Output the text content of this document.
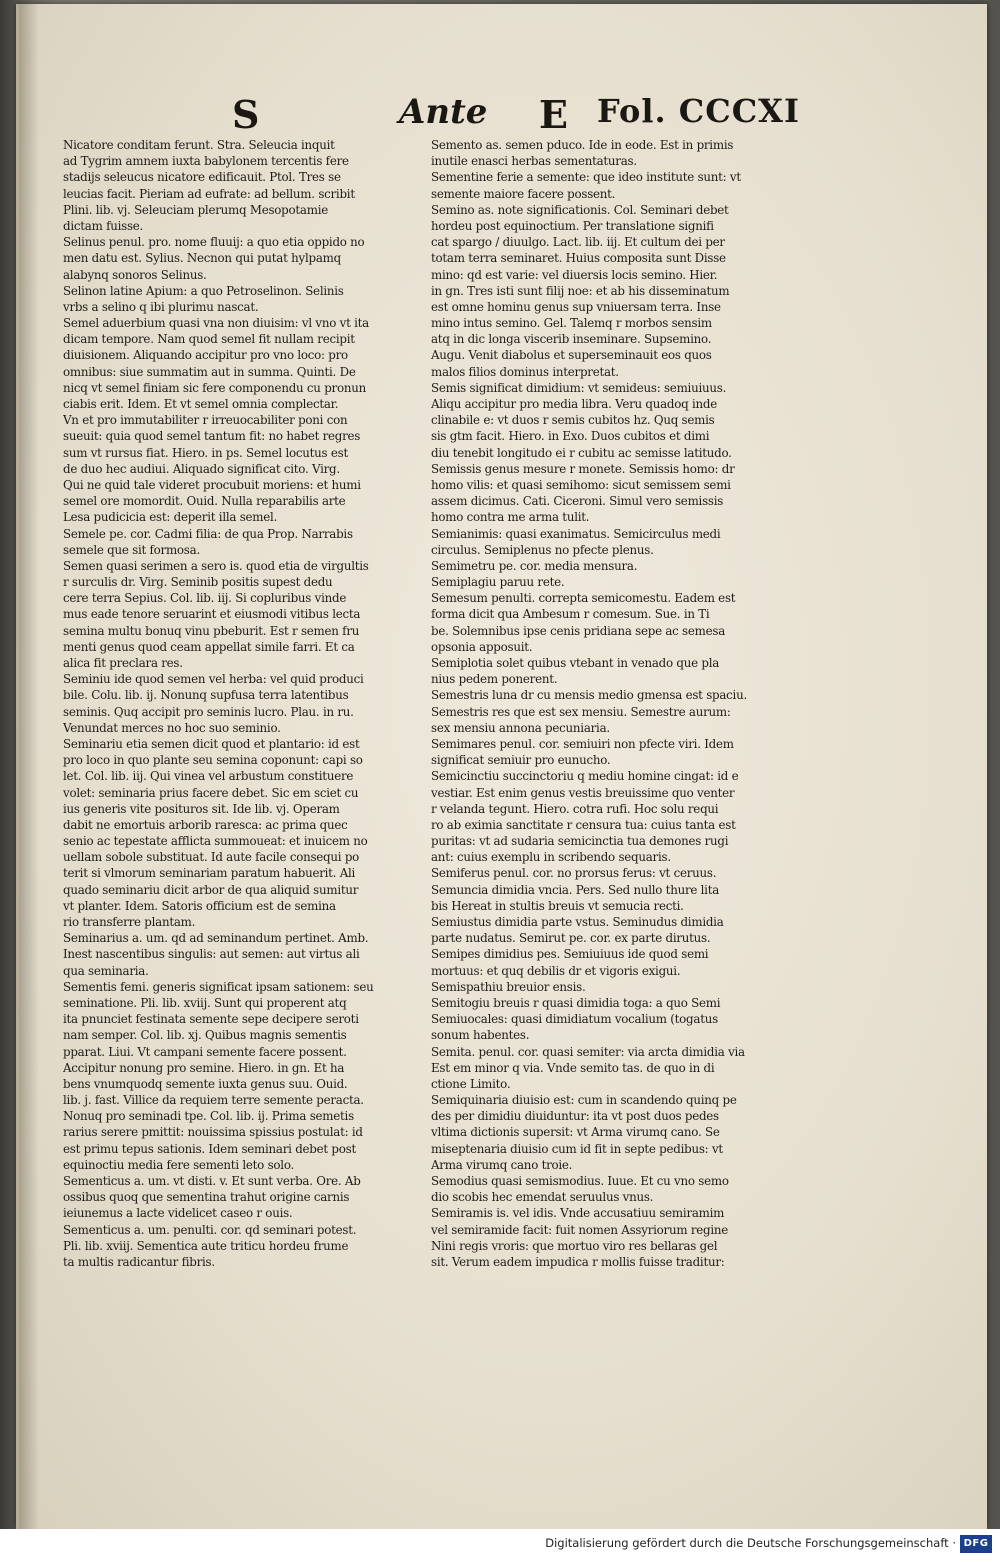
S	Ante E Fol. CCCXI
Nicatore conditam ferunt. Stra. Seleucia inquit
ad Tygrim amnem iuxta babylonem tercentis fere
stadijs seleucus nicatore edificauit. Ptol. Tres se
leucias facit. Pieriam ad eufrate: ad bellum. scribit
Plini. lib. vj. Seleuciam plerumq Mesopotamie
dictam fuisse.
Selinus penul. pro. nome fluuij: a quo etia oppido no
men datu est. Sylius. Necnon qui putat hylpamq
alabynq sonoros Selinus.
Selinon latine Apium: a quo Petroselinon. Selinis
vrbs a selino q ibi plurimu nascat.
Semel aduerbium quasi vna non diuisim: vl vno vt ita
dicam tempore. Nam quod semel fit nullam recipit
diuisionem. Aliquando accipitur pro vno loco: pro
omnibus: siue summatim aut in summa. Quinti. De
nicq vt semel finiam sic fere componendu cu pronun
ciabis erit. Idem. Et vt semel omnia complectar.
Vn et pro immutabiliter r irreuocabiliter poni con
sueuit: quia quod semel tantum fit: no habet regres
sum vt rursus fiat. Hiero. in ps. Semel locutus est
de duo hec audiui. Aliquado significat cito. Virg.
Qui ne quid tale videret procubuit moriens: et humi
semel ore momordit. Ouid. Nulla reparabilis arte
Lesa pudicicia est: deperit illa semel.
Semele pe. cor. Cadmi filia: de qua Prop. Narrabis
semele que sit formosa.
Semen quasi serimen a sero is. quod etia de virgultis
r surculis dr. Virg. Seminib positis supest dedu
cere terra Sepius. Col. lib. iij. Si copluribus vinde
mus eade tenore seruarint et eiusmodi vitibus lecta
semina multu bonuq vinu pbeburit. Est r semen fru
menti genus quod ceam appellat simile farri. Et ca
alica fit preclara res.
Seminiu ide quod semen vel herba: vel quid produci
bile. Colu. lib. ij. Nonunq supfusa terra latentibus
seminis. Quq accipit pro seminis lucro. Plau. in ru.
Venundat merces no hoc suo seminio.
Seminariu etia semen dicit quod et plantario: id est
pro loco in quo plante seu semina coponunt: capi so
let. Col. lib. iij. Qui vinea vel arbustum constituere
volet: seminaria prius facere debet. Sic em sciet cu
ius generis vite posituros sit. Ide lib. vj. Operam
dabit ne emortuis arborib raresca: ac prima quec
senio ac tepestate afflicta summoueat: et inuicem no
uellam sobole substituat. Id aute facile consequi po
terit si vlmorum seminariam paratum habuerit. Ali
quado seminariu dicit arbor de qua aliquid sumitur
vt planter. Idem. Satoris officium est de semina
rio transferre plantam.
Seminarius a. um. qd ad seminandum pertinet. Amb.
Inest nascentibus singulis: aut semen: aut virtus ali
qua seminaria.
Sementis femi. generis significat ipsam sationem: seu
seminatione. Pli. lib. xviij. Sunt qui properent atq
ita pnunciet festinata semente sepe decipere seroti
nam semper. Col. lib. xj. Quibus magnis sementis
pparat. Liui. Vt campani semente facere possent.
Accipitur nonung pro semine. Hiero. in gn. Et ha
bens vnumquodq semente iuxta genus suu. Ouid.
lib. j. fast. Villice da requiem terre semente peracta.
Nonuq pro seminadi tpe. Col. lib. ij. Prima semetis
rarius serere pmittit: nouissima spissius postulat: id
est primu tepus sationis. Idem seminari debet post
equinoctiu media fere sementi leto solo.
Sementicus a. um. vt disti. v. Et sunt verba. Ore. Ab
ossibus quoq que sementina trahut origine carnis
ieiunemus a lacte videlicet caseo r ouis.
Sementicus a. um. penulti. cor. qd seminari potest.
Pli. lib. xviij. Sementica aute triticu hordeu frume
ta multis radicantur fibris.
Semento as. semen pduco. Ide in eode. Est in primis
inutile enasci herbas sementaturas.
Sementine ferie a semente: que ideo institute sunt: vt
semente maiore facere possent.
Semino as. note significationis. Col. Seminari debet
hordeu post equinoctium. Per translatione signifi
cat spargo / diuulgo. Lact. lib. iij. Et cultum dei per
totam terra seminaret. Huius composita sunt Disse
mino: qd est varie: vel diuersis locis semino. Hier.
in gn. Tres isti sunt filij noe: et ab his disseminatum
est omne hominu genus sup vniuersam terra. Inse
mino intus semino. Gel. Talemq r morbos sensim
atq in dic longa viscerib inseminare. Supsemino.
Augu. Venit diabolus et superseminauit eos quos
malos filios dominus interpretat.
Semis significat dimidium: vt semideus: semiuiuus.
Aliqu accipitur pro media libra. Veru quadoq inde
clinabile e: vt duos r semis cubitos hz. Quq semis
sis gtm facit. Hiero. in Exo. Duos cubitos et dimi
diu tenebit longitudo ei r cubitu ac semisse latitudo.
Semissis genus mesure r monete. Semissis homo: dr
homo vilis: et quasi semihomo: sicut semissem semi
assem dicimus. Cati. Ciceroni. Simul vero semissis
homo contra me arma tulit.
Semianimis: quasi exanimatus. Semicirculus medi
circulus. Semiplenus no pfecte plenus.
Semimetru pe. cor. media mensura.
Semiplagiu paruu rete.
Semesum penulti. correpta semicomestu. Eadem est
forma dicit qua Ambesum r comesum. Sue. in Ti
be. Solemnibus ipse cenis pridiana sepe ac semesa
opsonia apposuit.
Semiplotia solet quibus vtebant in venado que pla
nius pedem ponerent.
Semestris luna dr cu mensis medio gmensa est spaciu.
Semestris res que est sex mensiu. Semestre aurum:
sex mensiu annona pecuniaria.
Semimares penul. cor. semiuiri non pfecte viri. Idem
significat semiuir pro eunucho.
Semicinctiu succinctoriu q mediu homine cingat: id e
vestiar. Est enim genus vestis breuissime quo venter
r velanda tegunt. Hiero. cotra rufi. Hoc solu requi
ro ab eximia sanctitate r censura tua: cuius tanta est
puritas: vt ad sudaria semicinctia tua demones rugi
ant: cuius exemplu in scribendo sequaris.
Semiferus penul. cor. no prorsus ferus: vt ceruus.
Semuncia dimidia vncia. Pers. Sed nullo thure lita
bis Hereat in stultis breuis vt semucia recti.
Semiustus dimidia parte vstus. Seminudus dimidia
parte nudatus. Semirut pe. cor. ex parte dirutus.
Semipes dimidius pes. Semiuiuus ide quod semi
mortuus: et quq debilis dr et vigoris exigui.
Semispathiu breuior ensis.
Semitogiu breuis r quasi dimidia toga: a quo Semi
Semiuocales: quasi dimidiatum vocalium (togatus
sonum habentes.
Semita. penul. cor. quasi semiter: via arcta dimidia via
Est em minor q via. Vnde semito tas. de quo in di
ctione Limito.
Semiquinaria diuisio est: cum in scandendo quinq pe
des per dimidiu diuiduntur: ita vt post duos pedes
vltima dictionis supersit: vt Arma virumq cano. Se
miseptenaria diuisio cum id fit in septe pedibus: vt
Arma virumq cano troie.
Semodius quasi semismodius. Iuue. Et cu vno semo
dio scobis hec emendat seruulus vnus.
Semiramis is. vel idis. Vnde accusatiuu semiramim
vel semiramide facit: fuit nomen Assyriorum regine
Nini regis vroris: que mortuo viro res bellaras gel
sit. Verum eadem impudica r mollis fuisse traditur:
Digitalisierung gefördert durch die Deutsche Forschungsgemeinschaft · DFG
